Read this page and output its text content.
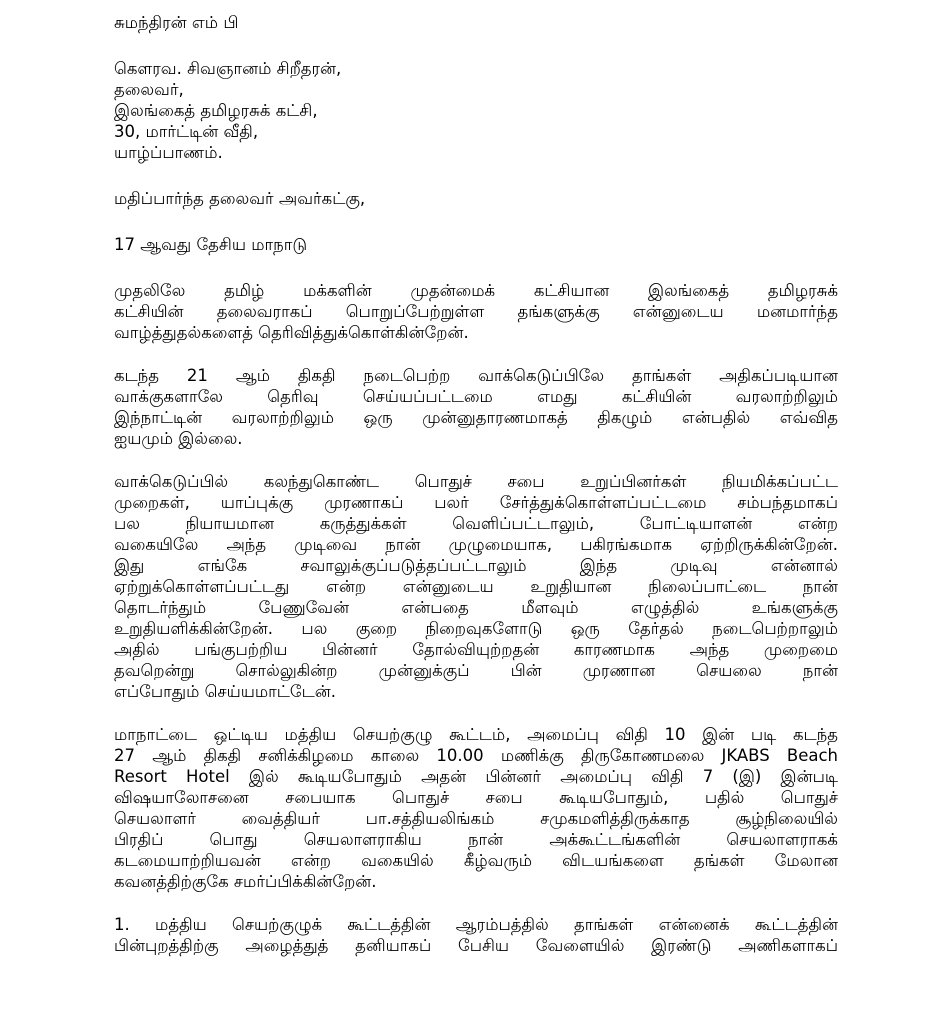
சுமந்திரன் எம் பி
கௌரவ. சிவஞானம் சிறீதரன்,
தலைவர்,
இலங்கைத் தமிழரசுக் கட்சி,
30, மார்ட்டின் வீதி,
யாழ்ப்பாணம்.
மதிப்பார்ந்த தலைவர் அவர்கட்கு,
17 ஆவது தேசிய மாநாடு
முதலிலே தமிழ் மக்களின் முதன்மைக் கட்சியான இலங்கைத் தமிழரசுக்
கட்சியின் தலைவராகப் பொறுப்பேற்றுள்ள தங்களுக்கு என்னுடைய மனமார்ந்த
வாழ்த்துதல்களைத் தெரிவித்துக்கொள்கின்றேன்.
கடந்த 21 ஆம் திகதி நடைபெற்ற வாக்கெடுப்பிலே தாங்கள் அதிகப்படியான
வாக்குகளாலே தெரிவு செய்யப்பட்டமை எமது கட்சியின் வரலாற்றிலும்
இந்நாட்டின் வரலாற்றிலும் ஒரு முன்னுதாரணமாகத் திகழும் என்பதில் எவ்வித
ஐயமும் இல்லை.
வாக்கெடுப்பில் கலந்துகொண்ட பொதுச் சபை உறுப்பினர்கள் நியமிக்கப்பட்ட
முறைகள், யாப்புக்கு முரணாகப் பலர் சேர்த்துக்கொள்ளப்பட்டமை சம்பந்தமாகப்
பல நியாயமான கருத்துக்கள் வெளிப்பட்டாலும், போட்டியாளன் என்ற
வகையிலே அந்த முடிவை நான் முழுமையாக, பகிரங்கமாக ஏற்றிருக்கின்றேன்.
இது எங்கே சவாலுக்குப்படுத்தப்பட்டாலும் இந்த முடிவு என்னால்
ஏற்றுக்கொள்ளப்பட்டது என்ற என்னுடைய உறுதியான நிலைப்பாட்டை நான்
தொடர்ந்தும் பேணுவேன் என்பதை மீளவும் எழுத்தில் உங்களுக்கு
உறுதியளிக்கின்றேன். பல குறை நிறைவுகளோடு ஒரு தேர்தல் நடைபெற்றாலும்
அதில் பங்குபற்றிய பின்னர் தோல்வியுற்றதன் காரணமாக அந்த முறைமை
தவறென்று சொல்லுகின்ற முன்னுக்குப் பின் முரணான செயலை நான்
எப்போதும் செய்யமாட்டேன்.
மாநாட்டை ஒட்டிய மத்திய செயற்குழு கூட்டம், அமைப்பு விதி 10 இன் படி கடந்த
27 ஆம் திகதி சனிக்கிழமை காலை 10.00 மணிக்கு திருகோணமலை JKABS Beach
Resort Hotel இல் கூடியபோதும் அதன் பின்னர் அமைப்பு விதி 7 (இ) இன்படி
விஷயாலோசனை சபையாக பொதுச் சபை கூடியபோதும், பதில் பொதுச்
செயலாளர் வைத்தியர் பா.சத்தியலிங்கம் சமுகமளித்திருக்காத சூழ்நிலையில்
பிரதிப் பொது செயலாளராகிய நான் அக்கூட்டங்களின் செயலாளராகக்
கடமையாற்றியவன் என்ற வகையில் கீழ்வரும் விடயங்களை தங்கள் மேலான
கவனத்திற்குகே சமர்ப்பிக்கின்றேன்.
1. மத்திய செயற்குழுக் கூட்டத்தின் ஆரம்பத்தில் தாங்கள் என்னைக் கூட்டத்தின்
பின்புறத்திற்கு அழைத்துத் தனியாகப் பேசிய வேளையில் இரண்டு அணிகளாகப்
